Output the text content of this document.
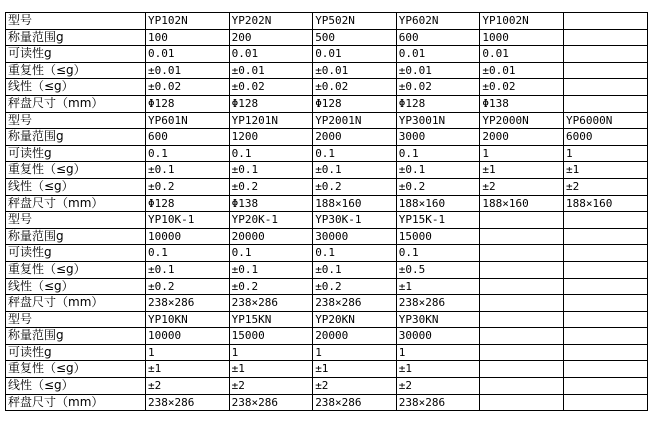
型号	YP102N	YP202N	YP502N	YP602N	YP1002N	
称量范围g	100	200	500	600	1000	
可读性g	0.01	0.01	0.01	0.01	0.01	
重复性（≤g）	±0.01	±0.01	±0.01	±0.01	±0.01	
线性（≤g）	±0.02	±0.02	±0.02	±0.02	±0.02	
秤盘尺寸（mm）	Φ128	Φ128	Φ128	Φ128	Φ138	
型号	YP601N	YP1201N	YP2001N	YP3001N	YP2000N	YP6000N
称量范围g	600	1200	2000	3000	2000	6000
可读性g	0.1	0.1	0.1	0.1	1	1
重复性（≤g）	±0.1	±0.1	±0.1	±0.1	±1	±1
线性（≤g）	±0.2	±0.2	±0.2	±0.2	±2	±2
秤盘尺寸（mm）	Φ128	Φ138	188×160	188×160	188×160	188×160
型号	YP10K-1	YP20K-1	YP30K-1	YP15K-1		
称量范围g	10000	20000	30000	15000		
可读性g	0.1	0.1	0.1	0.1		
重复性（≤g）	±0.1	±0.1	±0.1	±0.5		
线性（≤g）	±0.2	±0.2	±0.2	±1		
秤盘尺寸（mm）	238×286	238×286	238×286	238×286		
型号	YP10KN	YP15KN	YP20KN	YP30KN		
称量范围g	10000	15000	20000	30000		
可读性g	1	1	1	1		
重复性（≤g）	±1	±1	±1	±1		
线性（≤g）	±2	±2	±2	±2		
秤盘尺寸（mm）	238×286	238×286	238×286	238×286		
